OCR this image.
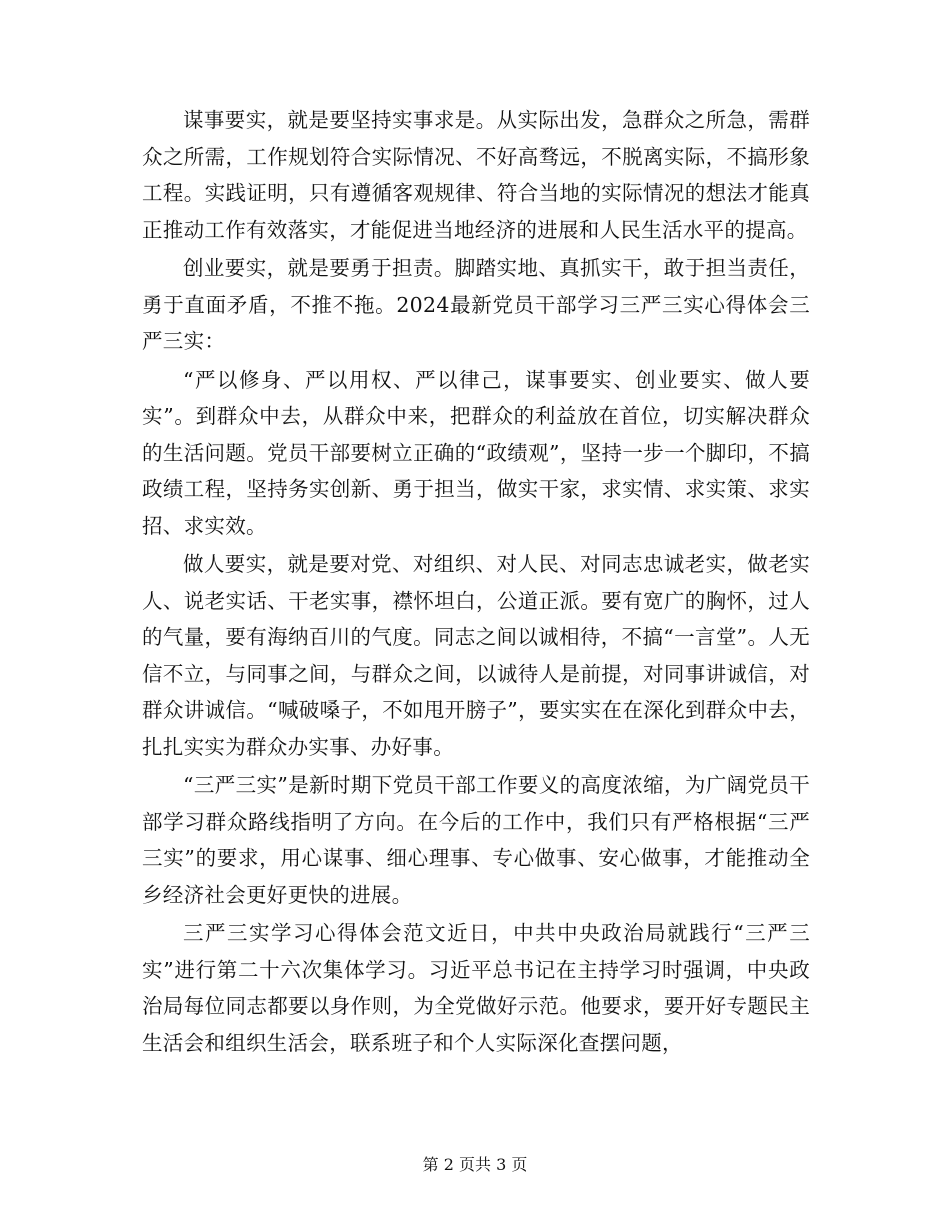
谋事要实，就是要坚持实事求是。从实际出发，急群众之所急，需群众之所需，工作规划符合实际情况、不好高骛远，不脱离实际，不搞形象工程。实践证明，只有遵循客观规律、符合当地的实际情况的想法才能真正推动工作有效落实，才能促进当地经济的进展和人民生活水平的提高。

创业要实，就是要勇于担责。脚踏实地、真抓实干，敢于担当责任，勇于直面矛盾，不推不拖。2024最新党员干部学习三严三实心得体会三严三实：

“严以修身、严以用权、严以律己，谋事要实、创业要实、做人要实”。到群众中去，从群众中来，把群众的利益放在首位，切实解决群众的生活问题。党员干部要树立正确的“政绩观”，坚持一步一个脚印，不搞政绩工程，坚持务实创新、勇于担当，做实干家，求实情、求实策、求实招、求实效。

做人要实，就是要对党、对组织、对人民、对同志忠诚老实，做老实人、说老实话、干老实事，襟怀坦白，公道正派。要有宽广的胸怀，过人的气量，要有海纳百川的气度。同志之间以诚相待，不搞“一言堂”。人无信不立，与同事之间，与群众之间，以诚待人是前提，对同事讲诚信，对群众讲诚信。“喊破嗓子，不如甩开膀子”，要实实在在深化到群众中去，扎扎实实为群众办实事、办好事。

“三严三实”是新时期下党员干部工作要义的高度浓缩，为广阔党员干部学习群众路线指明了方向。在今后的工作中，我们只有严格根据“三严三实”的要求，用心谋事、细心理事、专心做事、安心做事，才能推动全乡经济社会更好更快的进展。

三严三实学习心得体会范文近日，中共中央政治局就践行“三严三实”进行第二十六次集体学习。习近平总书记在主持学习时强调，中央政治局每位同志都要以身作则，为全党做好示范。他要求，要开好专题民主生活会和组织生活会，联系班子和个人实际深化查摆问题，

第 2 页共 3 页
